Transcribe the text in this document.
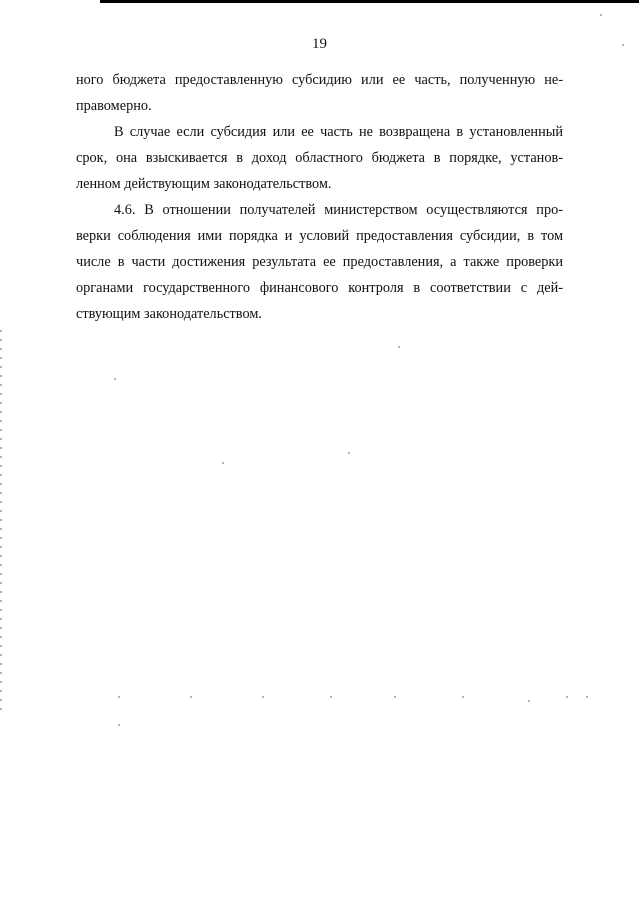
19
ного бюджета предоставленную субсидию или ее часть, полученную не-
правомерно.
В случае если субсидия или ее часть не возвращена в установленный
срок, она взыскивается в доход областного бюджета в порядке, установ-
ленном действующим законодательством.
4.6. В отношении получателей министерством осуществляются про-
верки соблюдения ими порядка и условий предоставления субсидии, в том
числе в части достижения результата ее предоставления, а также проверки
органами государственного финансового контроля в соответствии с дей-
ствующим законодательством.
